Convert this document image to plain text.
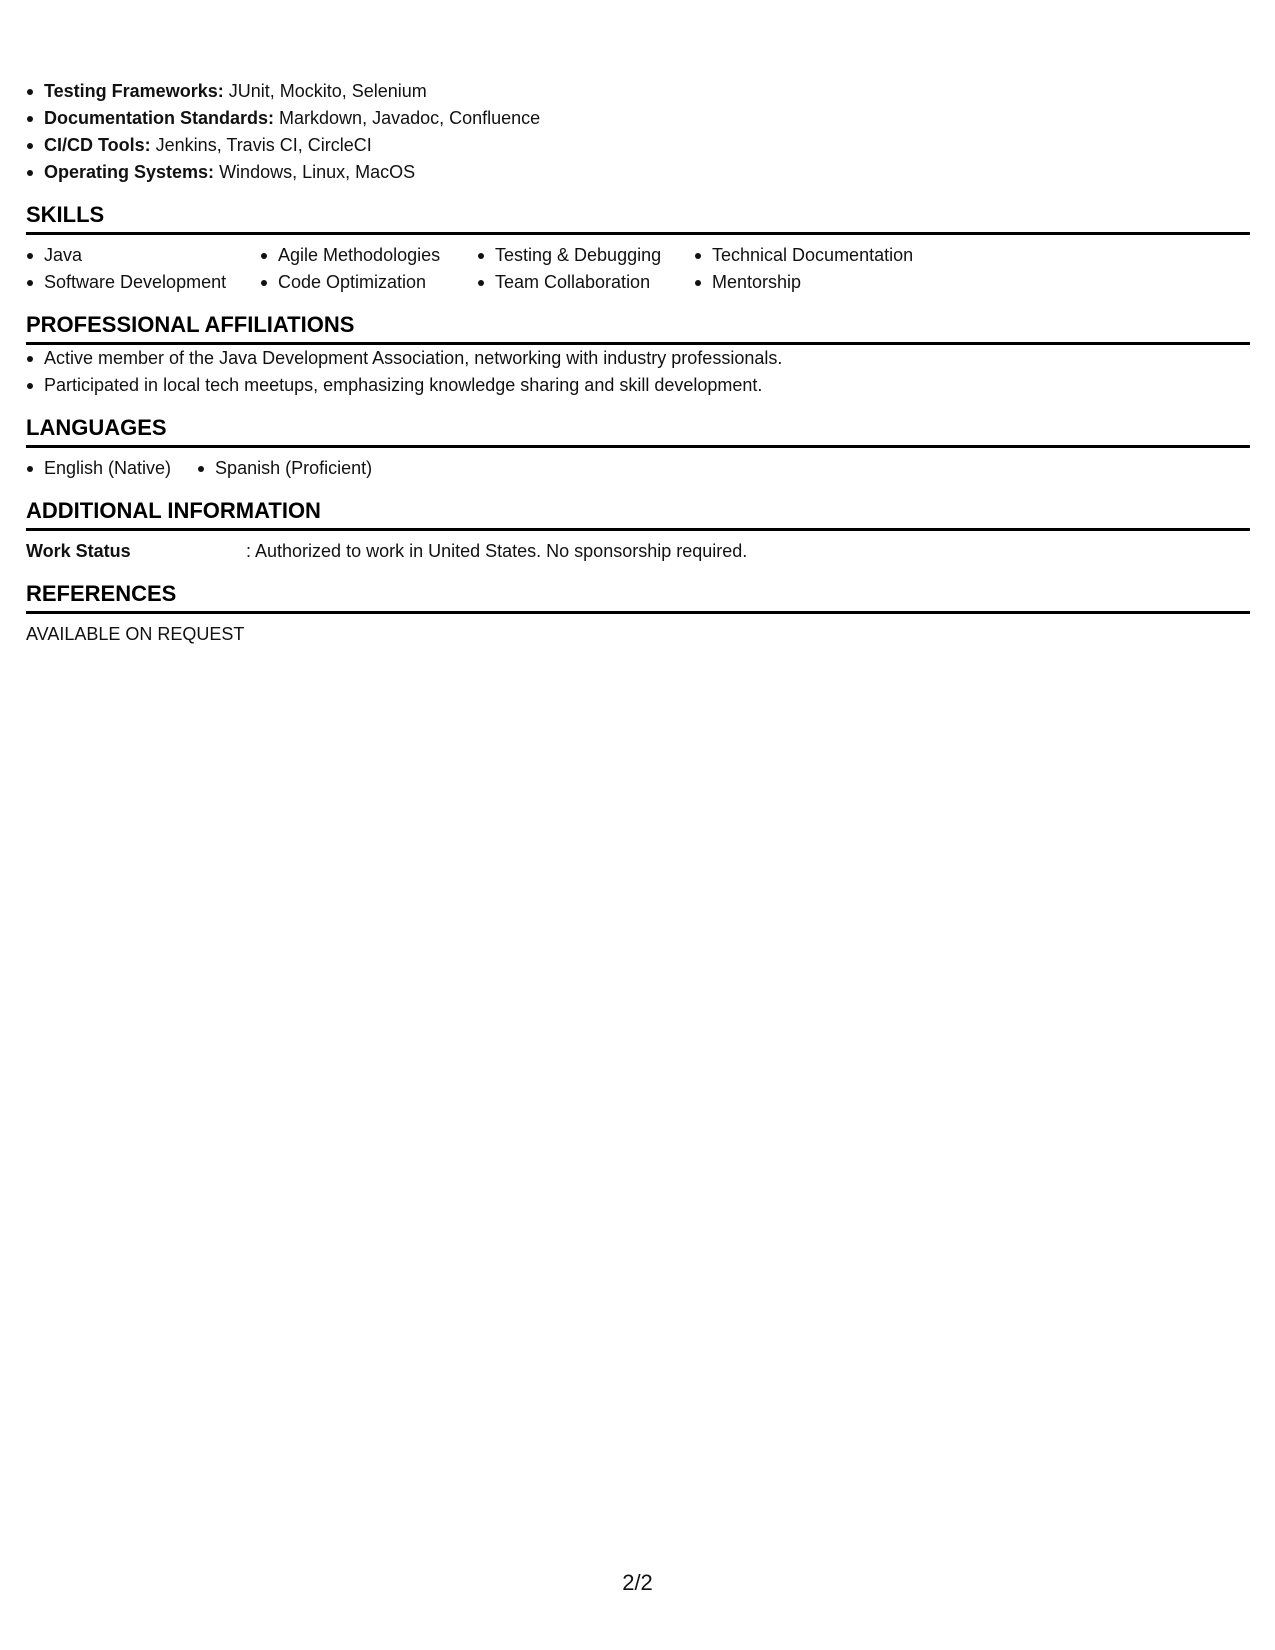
Testing Frameworks: JUnit, Mockito, Selenium
Documentation Standards: Markdown, Javadoc, Confluence
CI/CD Tools: Jenkins, Travis CI, CircleCI
Operating Systems: Windows, Linux, MacOS
SKILLS
Java
Software Development
Agile Methodologies
Code Optimization
Testing & Debugging
Team Collaboration
Technical Documentation
Mentorship
PROFESSIONAL AFFILIATIONS
Active member of the Java Development Association, networking with industry professionals.
Participated in local tech meetups, emphasizing knowledge sharing and skill development.
LANGUAGES
English (Native)	Spanish (Proficient)
ADDITIONAL INFORMATION
Work Status	: Authorized to work in United States. No sponsorship required.
REFERENCES
AVAILABLE ON REQUEST
2/2
